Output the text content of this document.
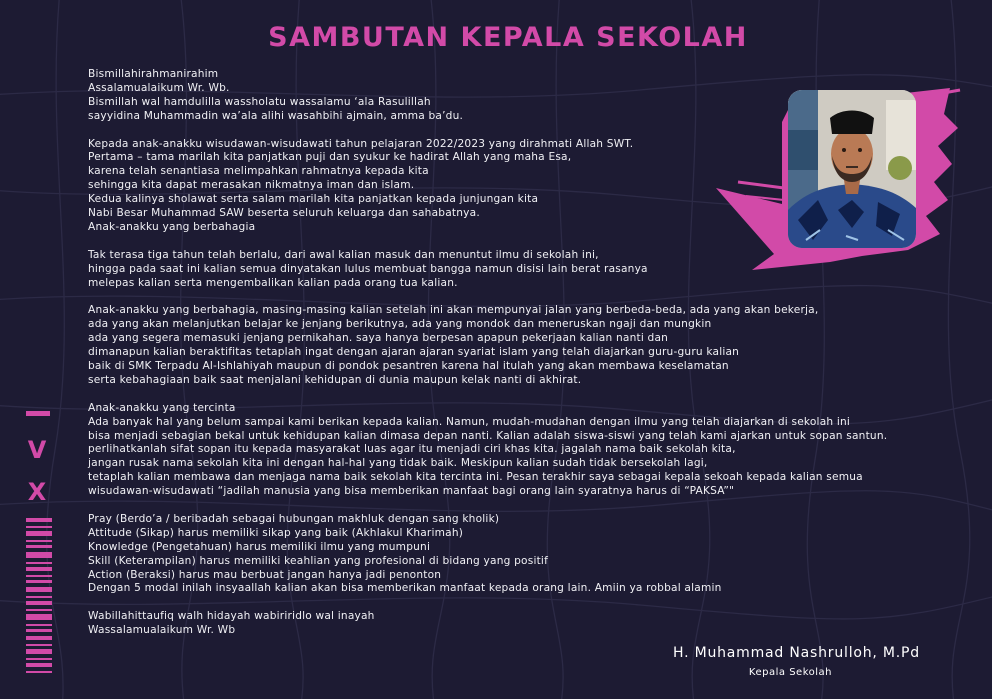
SAMBUTAN KEPALA SEKOLAH
Bismillahirahmanirahim
Assalamualaikum Wr. Wb.
Bismillah wal hamdulilla wassholatu wassalamu ‘ala Rasulillah
sayyidina Muhammadin wa’ala alihi wasahbihi ajmain, amma ba’du.
Kepada anak-anakku wisudawan-wisudawati tahun pelajaran 2022/2023 yang dirahmati Allah SWT.
Pertama – tama marilah kita panjatkan puji dan syukur ke hadirat Allah yang maha Esa,
karena telah senantiasa melimpahkan rahmatnya kepada kita
sehingga kita dapat merasakan nikmatnya iman dan islam.
Kedua kalinya sholawat serta salam marilah kita panjatkan kepada junjungan kita
Nabi Besar Muhammad SAW beserta seluruh keluarga dan sahabatnya.
Anak-anakku yang berbahagia
Tak terasa tiga tahun telah berlalu, dari awal kalian masuk dan menuntut ilmu di sekolah ini,
hingga pada saat ini kalian semua dinyatakan lulus membuat bangga namun disisi lain berat rasanya
melepas kalian serta mengembalikan kalian pada orang tua kalian.
Anak-anakku yang berbahagia, masing-masing kalian setelah ini akan mempunyai jalan yang berbeda-beda, ada yang akan bekerja,
ada yang akan melanjutkan belajar ke jenjang berikutnya, ada yang mondok dan meneruskan ngaji dan mungkin
ada yang segera memasuki jenjang pernikahan. saya hanya berpesan apapun pekerjaan kalian nanti dan
dimanapun kalian beraktifitas tetaplah ingat dengan ajaran ajaran syariat islam yang telah diajarkan guru-guru kalian
baik di SMK Terpadu Al-Ishlahiyah maupun di pondok pesantren karena hal itulah yang akan membawa keselamatan
serta kebahagiaan baik saat menjalani kehidupan di dunia maupun kelak nanti di akhirat.
Anak-anakku yang tercinta
Ada banyak hal yang belum sampai kami berikan kepada kalian. Namun, mudah-mudahan dengan ilmu yang telah diajarkan di sekolah ini
bisa menjadi sebagian bekal untuk kehidupan kalian dimasa depan nanti. Kalian adalah siswa-siswi yang telah kami ajarkan untuk sopan santun.
perlihatkanlah sifat sopan itu kepada masyarakat luas agar itu menjadi ciri khas kita. jagalah nama baik sekolah kita,
jangan rusak nama sekolah kita ini dengan hal-hal yang tidak baik. Meskipun kalian sudah tidak bersekolah lagi,
tetaplah kalian membawa dan menjaga nama baik sekolah kita tercinta ini. Pesan terakhir saya sebagai kepala sekoah kepada kalian semua
wisudawan-wisudawati “jadilah manusia yang bisa memberikan manfaat bagi orang lain syaratnya harus di “PAKSA”"
Pray (Berdo’a / beribadah sebagai hubungan makhluk dengan sang kholik)
Attitude (Sikap) harus memiliki sikap yang baik (Akhlakul Kharimah)
Knowledge (Pengetahuan) harus memiliki ilmu yang mumpuni
Skill (Keterampilan) harus memiliki keahlian yang profesional di bidang yang positif
Action (Beraksi) harus mau berbuat jangan hanya jadi penonton
Dengan 5 modal inilah insyaallah kalian akan bisa memberikan manfaat kepada orang lain. Amiin ya robbal alamin
Wabillahittaufiq walh hidayah wabiriridlo wal inayah
Wassalamualaikum Wr. Wb
H. Muhammad Nashrulloh, M.Pd
Kepala Sekolah
V
X
